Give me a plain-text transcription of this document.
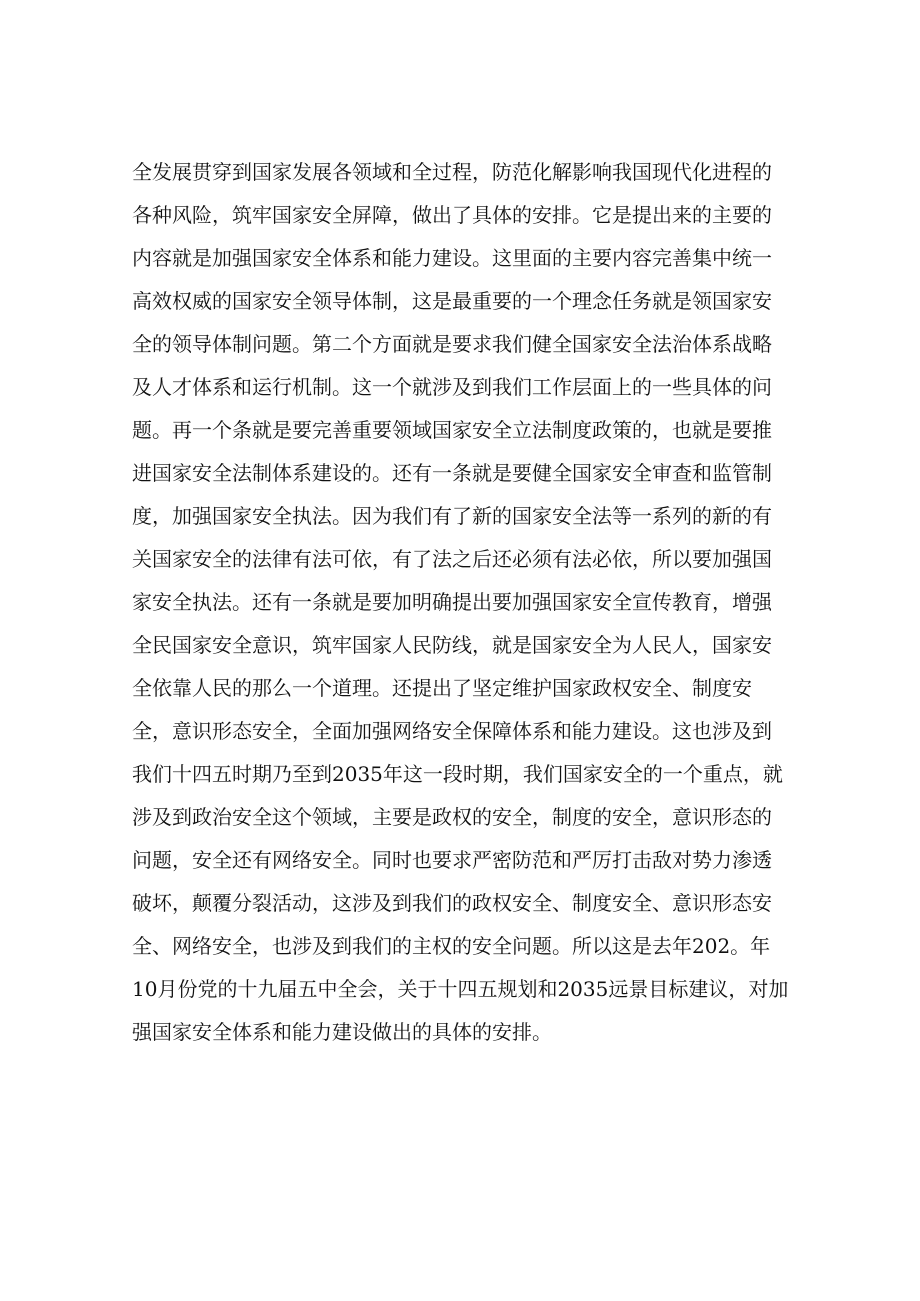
全发展贯穿到国家发展各领域和全过程，防范化解影响我国现代化进程的
各种风险，筑牢国家安全屏障，做出了具体的安排。它是提出来的主要的
内容就是加强国家安全体系和能力建设。这里面的主要内容完善集中统一
高效权威的国家安全领导体制，这是最重要的一个理念任务就是领国家安
全的领导体制问题。第二个方面就是要求我们健全国家安全法治体系战略
及人才体系和运行机制。这一个就涉及到我们工作层面上的一些具体的问
题。再一个条就是要完善重要领域国家安全立法制度政策的，也就是要推
进国家安全法制体系建设的。还有一条就是要健全国家安全审查和监管制
度，加强国家安全执法。因为我们有了新的国家安全法等一系列的新的有
关国家安全的法律有法可依，有了法之后还必须有法必依，所以要加强国
家安全执法。还有一条就是要加明确提出要加强国家安全宣传教育，增强
全民国家安全意识，筑牢国家人民防线，就是国家安全为人民人，国家安
全依靠人民的那么一个道理。还提出了坚定维护国家政权安全、制度安
全，意识形态安全，全面加强网络安全保障体系和能力建设。这也涉及到
我们十四五时期乃至到2035年这一段时期，我们国家安全的一个重点，就
涉及到政治安全这个领域，主要是政权的安全，制度的安全，意识形态的
问题，安全还有网络安全。同时也要求严密防范和严厉打击敌对势力渗透
破坏，颠覆分裂活动，这涉及到我们的政权安全、制度安全、意识形态安
全、网络安全，也涉及到我们的主权的安全问题。所以这是去年202。年
10月份党的十九届五中全会，关于十四五规划和2035远景目标建议，对加
强国家安全体系和能力建设做出的具体的安排。
